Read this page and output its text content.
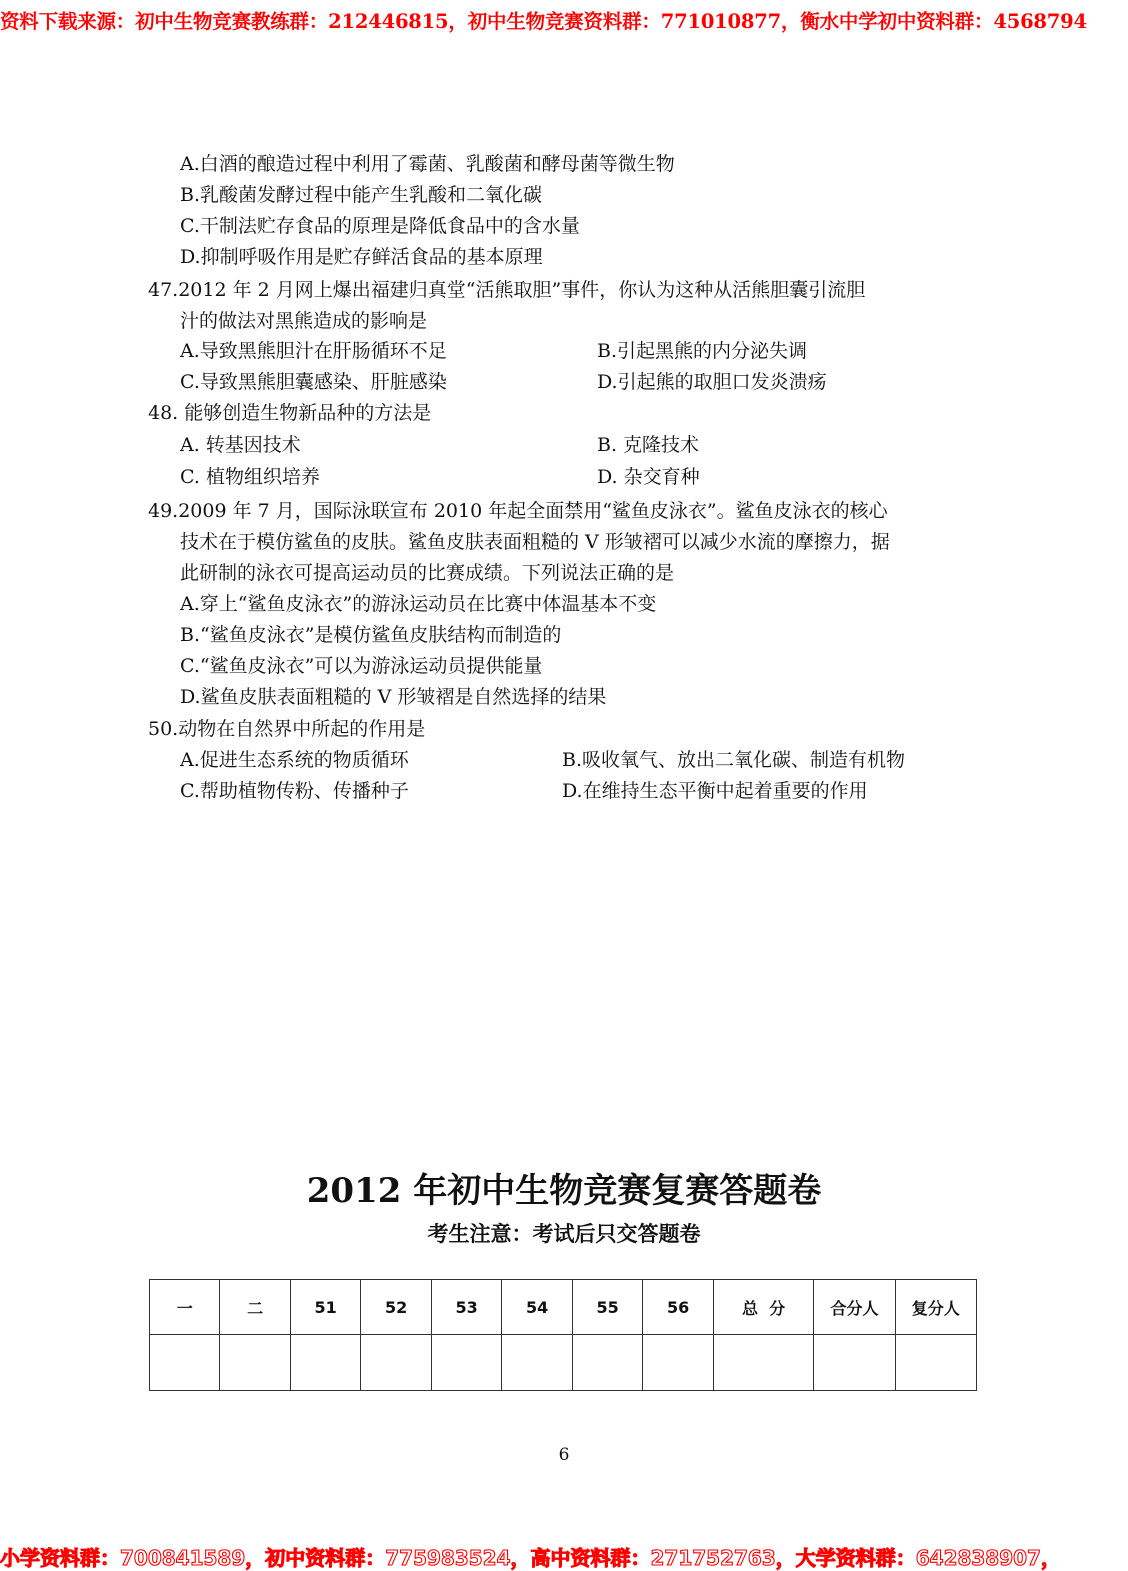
资料下载来源：初中生物竞赛教练群：212446815，初中生物竞赛资料群：771010877，衡水中学初中资料群：4568794
A.白酒的酿造过程中利用了霉菌、乳酸菌和酵母菌等微生物
B.乳酸菌发酵过程中能产生乳酸和二氧化碳
C.干制法贮存食品的原理是降低食品中的含水量
D.抑制呼吸作用是贮存鲜活食品的基本原理
47.2012 年 2 月网上爆出福建归真堂“活熊取胆”事件，你认为这种从活熊胆囊引流胆
汁的做法对黑熊造成的影响是
A.导致黑熊胆汁在肝肠循环不足	B.引起黑熊的内分泌失调
C.导致黑熊胆囊感染、肝脏感染	D.引起熊的取胆口发炎溃疡
48. 能够创造生物新品种的方法是
A. 转基因技术	B. 克隆技术
C. 植物组织培养	D. 杂交育种
49.2009 年 7 月，国际泳联宣布 2010 年起全面禁用“鲨鱼皮泳衣”。鲨鱼皮泳衣的核心
技术在于模仿鲨鱼的皮肤。鲨鱼皮肤表面粗糙的 V 形皱褶可以减少水流的摩擦力，据
此研制的泳衣可提高运动员的比赛成绩。下列说法正确的是
A.穿上“鲨鱼皮泳衣”的游泳运动员在比赛中体温基本不变
B.“鲨鱼皮泳衣”是模仿鲨鱼皮肤结构而制造的
C.“鲨鱼皮泳衣”可以为游泳运动员提供能量
D.鲨鱼皮肤表面粗糙的 V 形皱褶是自然选择的结果
50.动物在自然界中所起的作用是
A.促进生态系统的物质循环	B.吸收氧气、放出二氧化碳、制造有机物
C.帮助植物传粉、传播种子	D.在维持生态平衡中起着重要的作用
2012 年初中生物竞赛复赛答题卷
考生注意：考试后只交答题卷
一	二	51	52	53	54	55	56	总  分	合分人	复分人

6
小学资料群：700841589，初中资料群：775983524，高中资料群：271752763，大学资料群：642838907，
